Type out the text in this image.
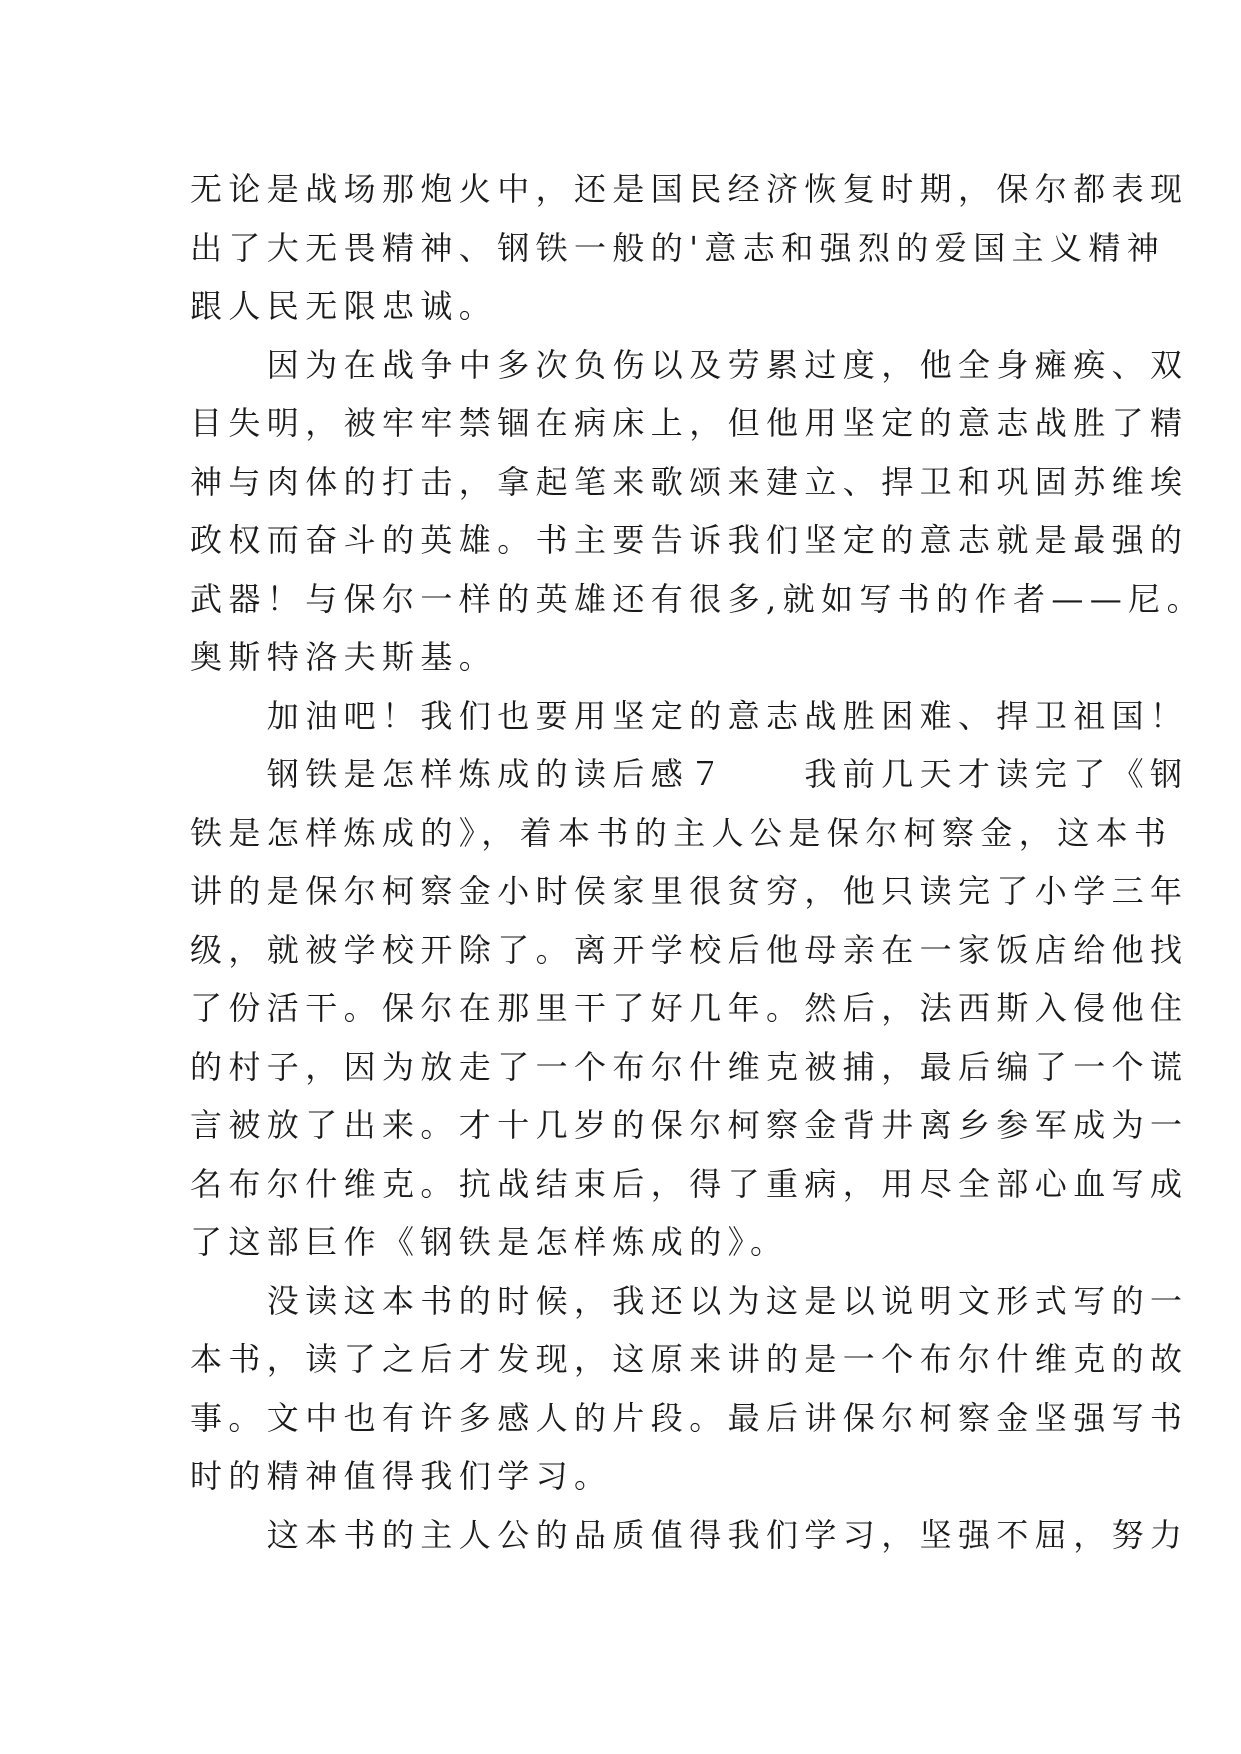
无论是战场那炮火中，还是国民经济恢复时期，保尔都表现
出了大无畏精神、钢铁一般的'意志和强烈的爱国主义精神
跟人民无限忠诚。
　　因为在战争中多次负伤以及劳累过度，他全身瘫痪、双
目失明，被牢牢禁锢在病床上，但他用坚定的意志战胜了精
神与肉体的打击，拿起笔来歌颂来建立、捍卫和巩固苏维埃
政权而奋斗的英雄。书主要告诉我们坚定的意志就是最强的
武器！与保尔一样的英雄还有很多,就如写书的作者——尼。
奥斯特洛夫斯基。
　　加油吧！我们也要用坚定的意志战胜困难、捍卫祖国！
　　钢铁是怎样炼成的读后感７　　我前几天才读完了《钢
铁是怎样炼成的》，着本书的主人公是保尔柯察金，这本书
讲的是保尔柯察金小时侯家里很贫穷，他只读完了小学三年
级，就被学校开除了。离开学校后他母亲在一家饭店给他找
了份活干。保尔在那里干了好几年。然后，法西斯入侵他住
的村子，因为放走了一个布尔什维克被捕，最后编了一个谎
言被放了出来。才十几岁的保尔柯察金背井离乡参军成为一
名布尔什维克。抗战结束后，得了重病，用尽全部心血写成
了这部巨作《钢铁是怎样炼成的》。
　　没读这本书的时候，我还以为这是以说明文形式写的一
本书，读了之后才发现，这原来讲的是一个布尔什维克的故
事。文中也有许多感人的片段。最后讲保尔柯察金坚强写书
时的精神值得我们学习。
　　这本书的主人公的品质值得我们学习，坚强不屈，努力
